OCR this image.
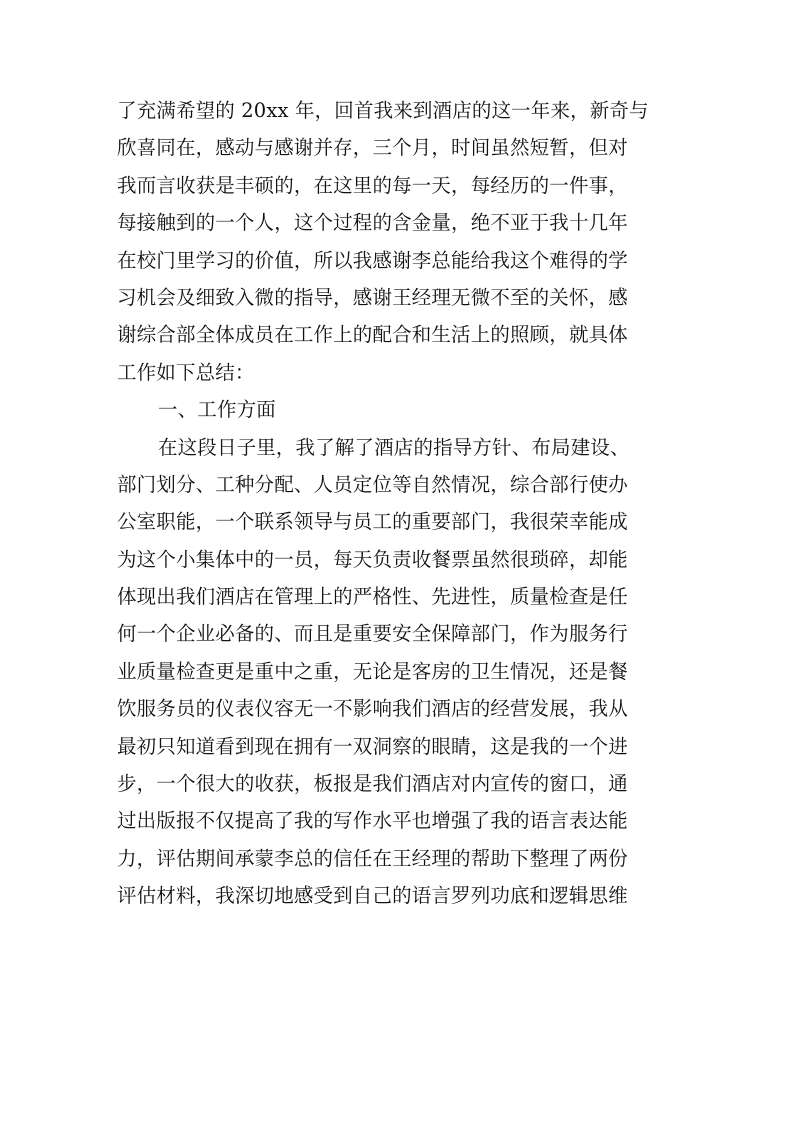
了充满希望的 20xx 年，回首我来到酒店的这一年来，新奇与
欣喜同在，感动与感谢并存，三个月，时间虽然短暂，但对
我而言收获是丰硕的，在这里的每一天，每经历的一件事，
每接触到的一个人，这个过程的含金量，绝不亚于我十几年
在校门里学习的价值，所以我感谢李总能给我这个难得的学
习机会及细致入微的指导，感谢王经理无微不至的关怀，感
谢综合部全体成员在工作上的配合和生活上的照顾，就具体
工作如下总结：
一、工作方面
在这段日子里，我了解了酒店的指导方针、布局建设、
部门划分、工种分配、人员定位等自然情况，综合部行使办
公室职能，一个联系领导与员工的重要部门，我很荣幸能成
为这个小集体中的一员，每天负责收餐票虽然很琐碎，却能
体现出我们酒店在管理上的严格性、先进性，质量检查是任
何一个企业必备的、而且是重要安全保障部门，作为服务行
业质量检查更是重中之重，无论是客房的卫生情况，还是餐
饮服务员的仪表仪容无一不影响我们酒店的经营发展，我从
最初只知道看到现在拥有一双洞察的眼睛，这是我的一个进
步，一个很大的收获，板报是我们酒店对内宣传的窗口，通
过出版报不仅提高了我的写作水平也增强了我的语言表达能
力，评估期间承蒙李总的信任在王经理的帮助下整理了两份
评估材料，我深切地感受到自己的语言罗列功底和逻辑思维
